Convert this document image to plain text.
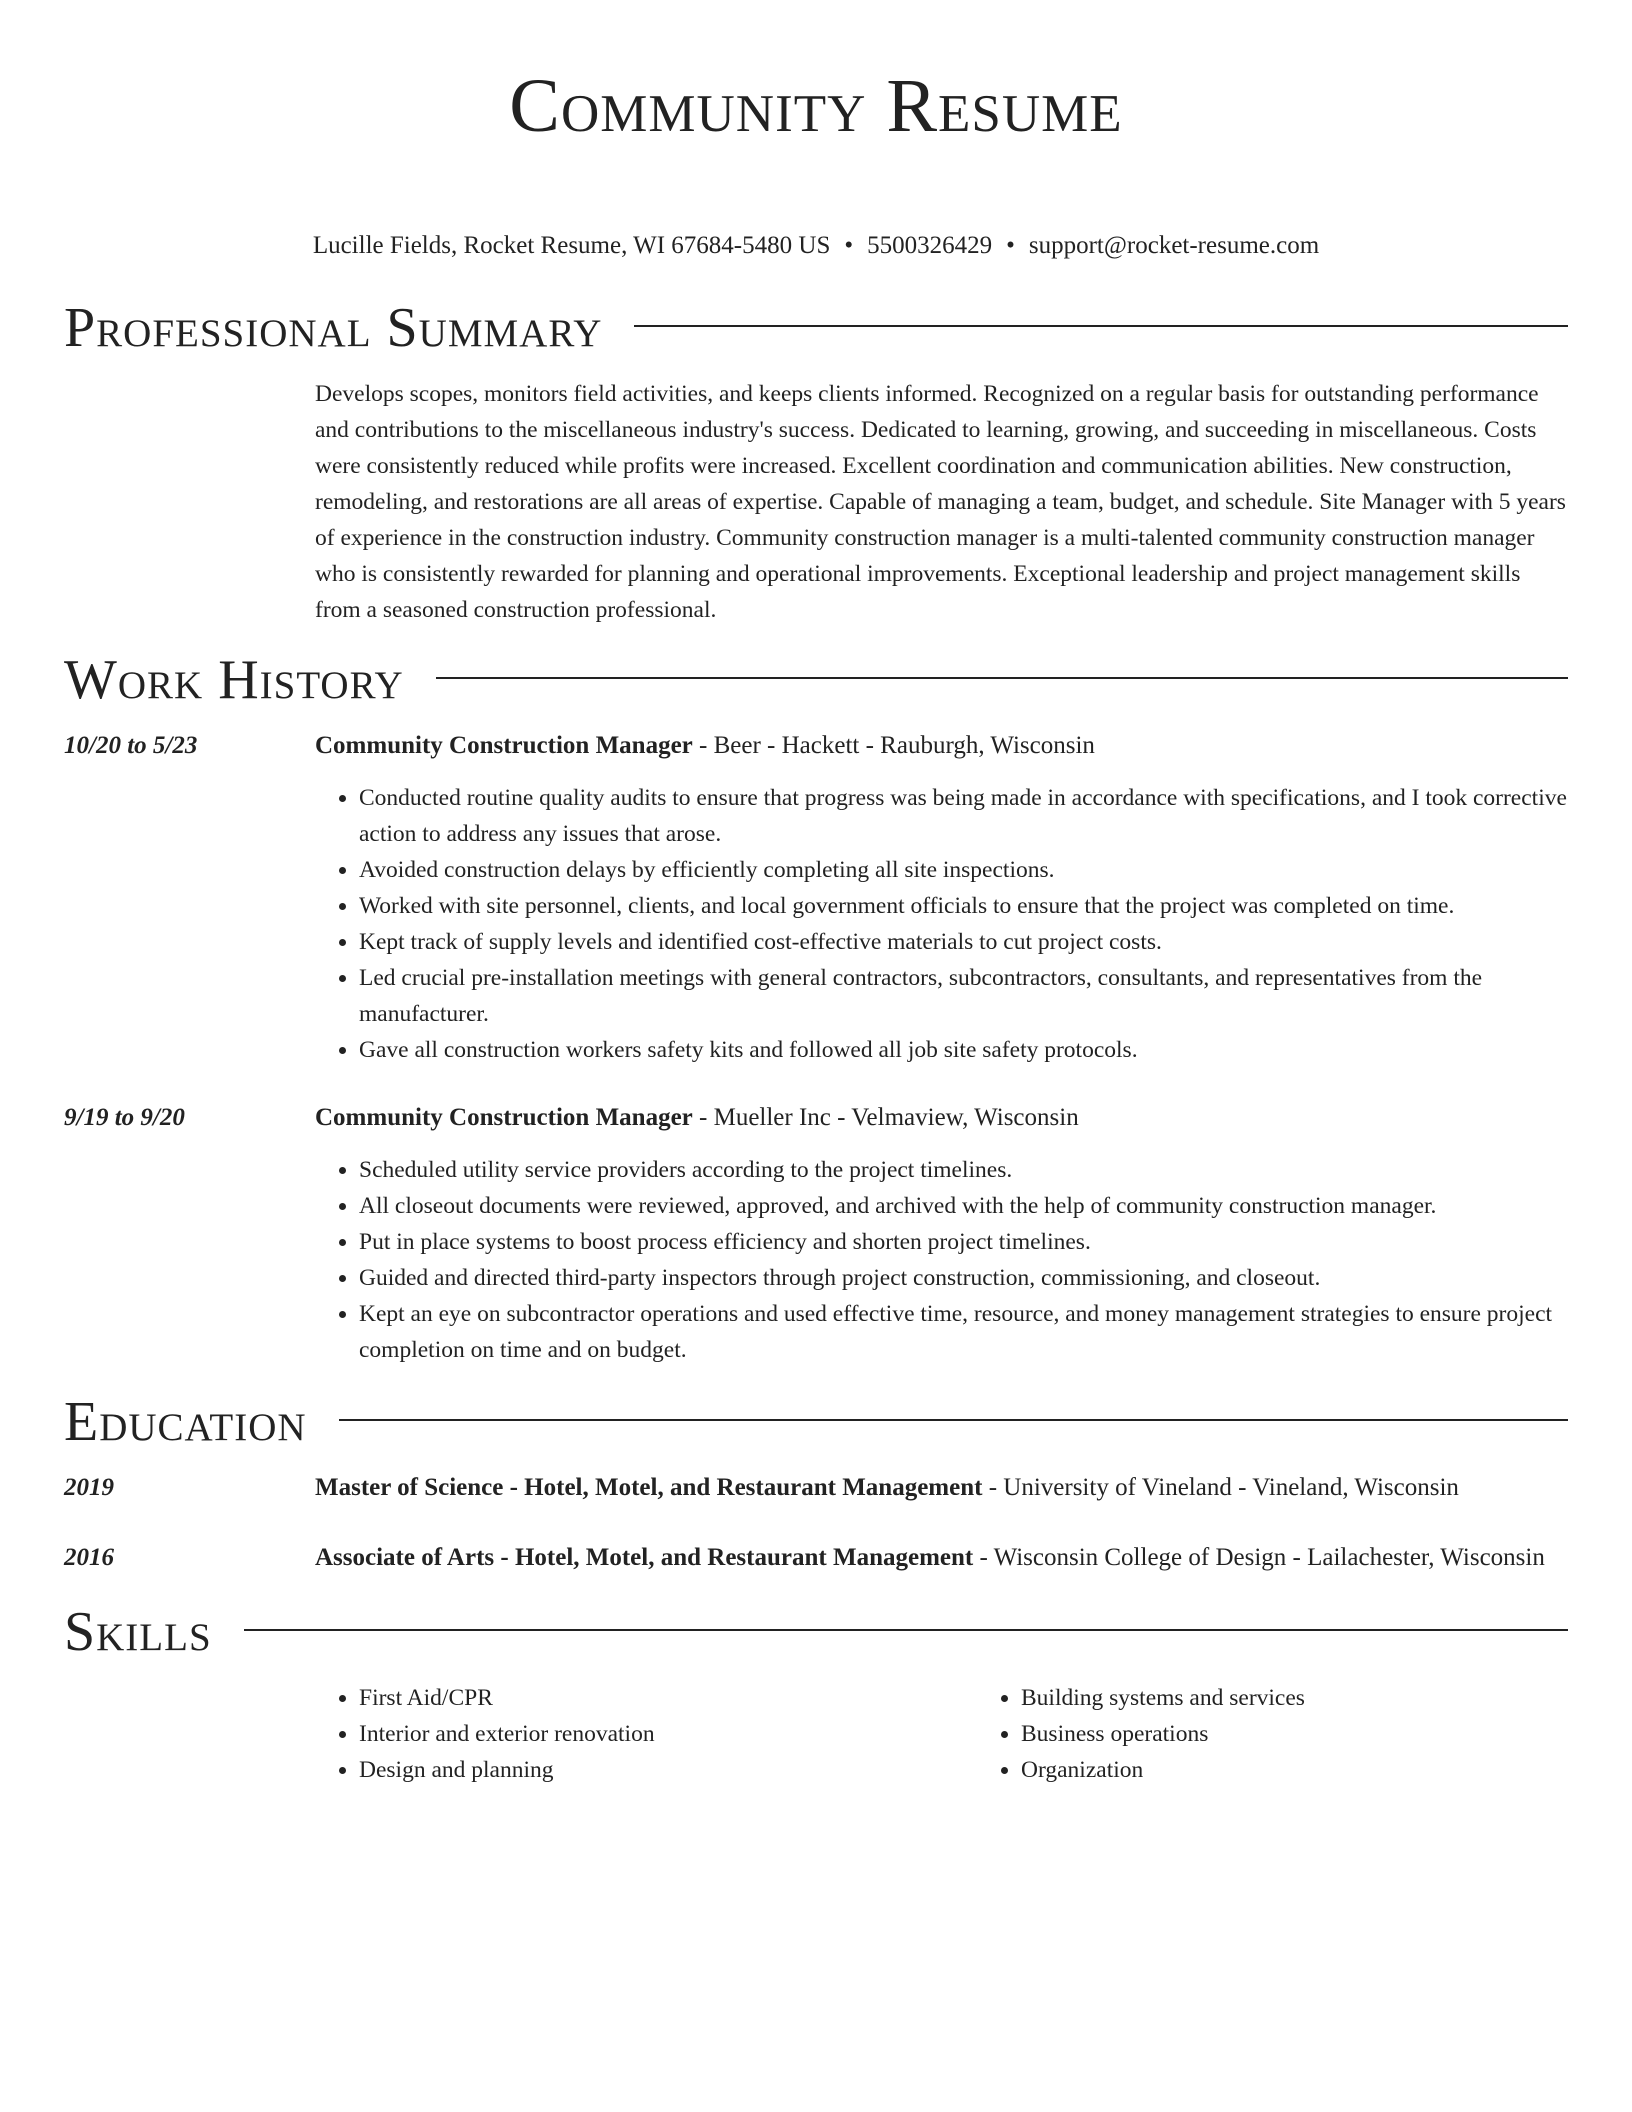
Community Resume
Lucille Fields, Rocket Resume, WI 67684-5480 US • 5500326429 • support@rocket-resume.com
Professional Summary

Develops scopes, monitors field activities, and keeps clients informed. Recognized on a regular basis for outstanding performance and contributions to the miscellaneous industry's success. Dedicated to learning, growing, and succeeding in miscellaneous. Costs were consistently reduced while profits were increased. Excellent coordination and communication abilities. New construction, remodeling, and restorations are all areas of expertise. Capable of managing a team, budget, and schedule. Site Manager with 5 years of experience in the construction industry. Community construction manager is a multi-talented community construction manager who is consistently rewarded for planning and operational improvements. Exceptional leadership and project management skills from a seasoned construction professional.

Work History
10/20 to 5/23	Community Construction Manager - Beer - Hackett - Rauburgh, Wisconsin
• Conducted routine quality audits to ensure that progress was being made in accordance with specifications, and I took corrective action to address any issues that arose.
• Avoided construction delays by efficiently completing all site inspections.
• Worked with site personnel, clients, and local government officials to ensure that the project was completed on time.
• Kept track of supply levels and identified cost-effective materials to cut project costs.
• Led crucial pre-installation meetings with general contractors, subcontractors, consultants, and representatives from the manufacturer.
• Gave all construction workers safety kits and followed all job site safety protocols.
9/19 to 9/20	Community Construction Manager - Mueller Inc - Velmaview, Wisconsin
• Scheduled utility service providers according to the project timelines.
• All closeout documents were reviewed, approved, and archived with the help of community construction manager.
• Put in place systems to boost process efficiency and shorten project timelines.
• Guided and directed third-party inspectors through project construction, commissioning, and closeout.
• Kept an eye on subcontractor operations and used effective time, resource, and money management strategies to ensure project completion on time and on budget.
Education
2019	Master of Science - Hotel, Motel, and Restaurant Management - University of Vineland - Vineland, Wisconsin
2016	Associate of Arts - Hotel, Motel, and Restaurant Management - Wisconsin College of Design - Lailachester, Wisconsin
Skills
• First Aid/CPR
• Interior and exterior renovation
• Design and planning
• Building systems and services
• Business operations
• Organization
